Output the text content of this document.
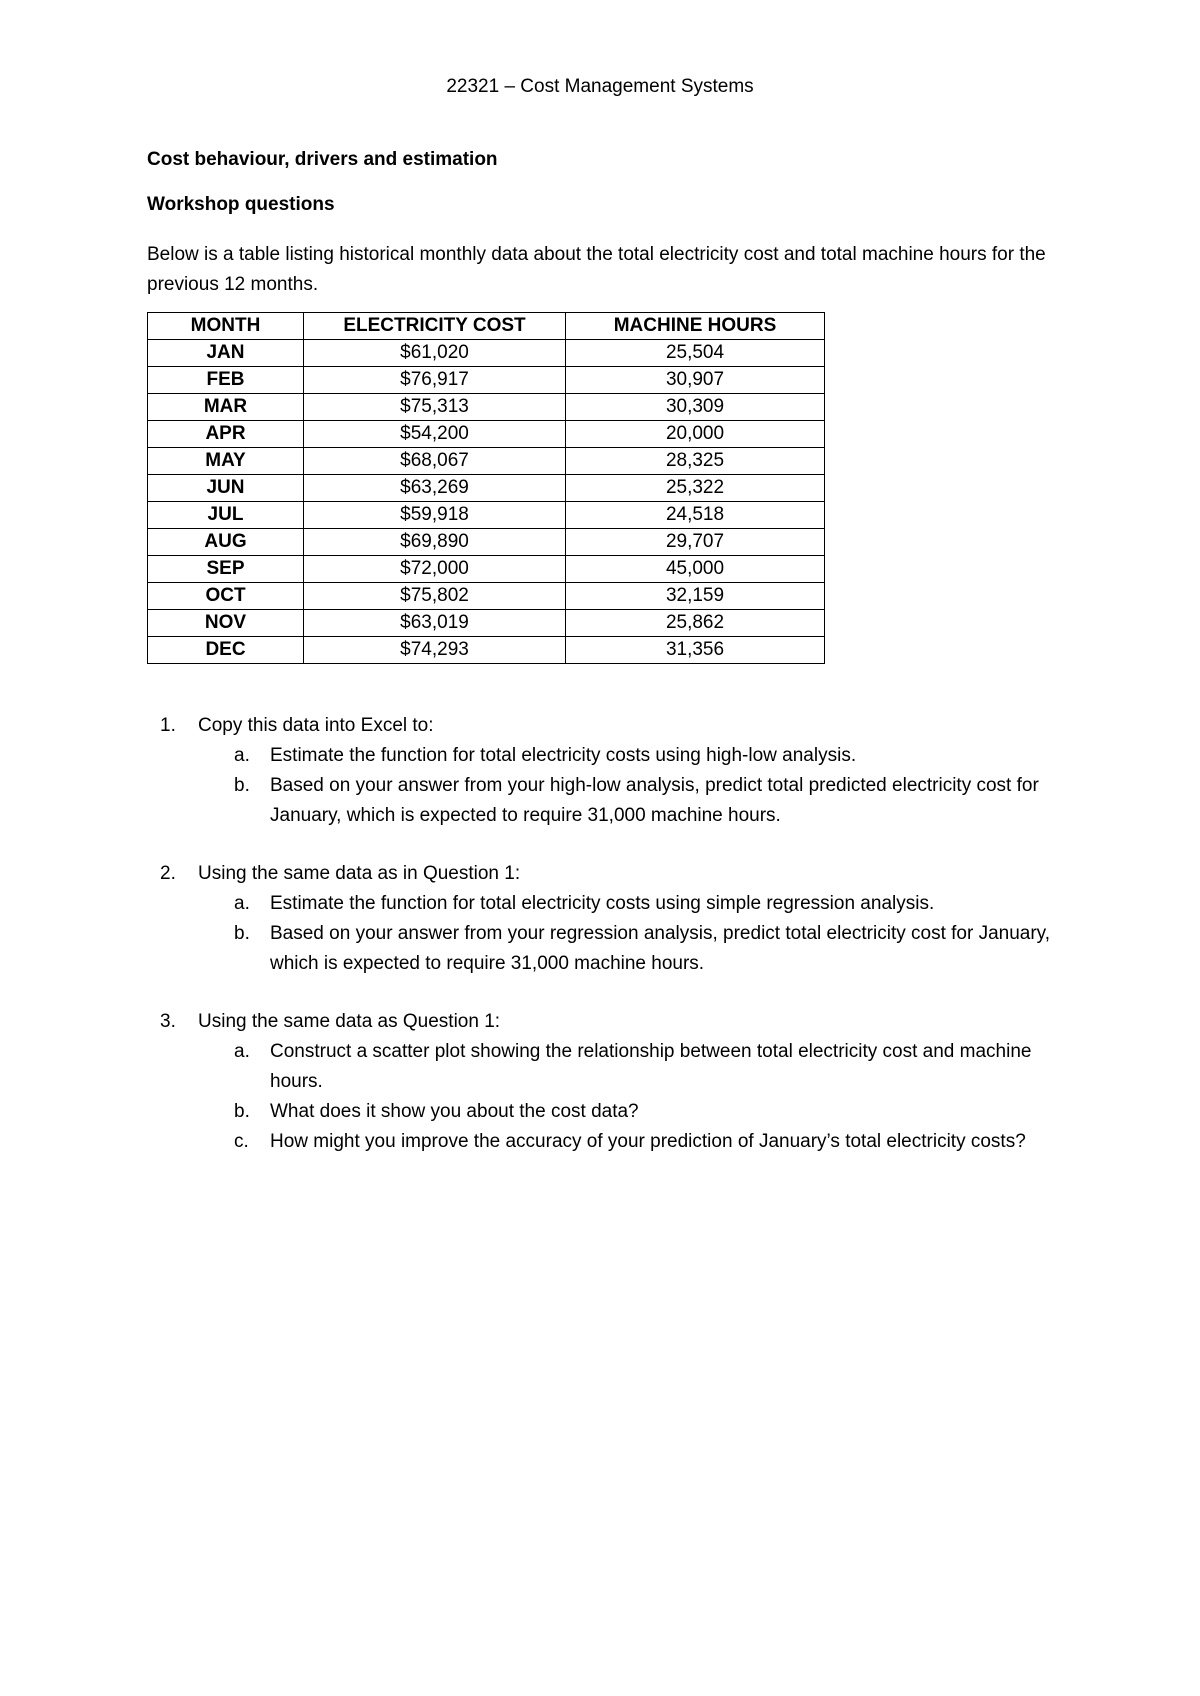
22321 – Cost Management Systems
Cost behaviour, drivers and estimation
Workshop questions
Below is a table listing historical monthly data about the total electricity cost and total machine hours for the previous 12 months.
MONTH	ELECTRICITY COST	MACHINE HOURS
JAN	$61,020	25,504
FEB	$76,917	30,907
MAR	$75,313	30,309
APR	$54,200	20,000
MAY	$68,067	28,325
JUN	$63,269	25,322
JUL	$59,918	24,518
AUG	$69,890	29,707
SEP	$72,000	45,000
OCT	$75,802	32,159
NOV	$63,019	25,862
DEC	$74,293	31,356
1. Copy this data into Excel to:
a. Estimate the function for total electricity costs using high-low analysis.
b. Based on your answer from your high-low analysis, predict total predicted electricity cost for January, which is expected to require 31,000 machine hours.
2. Using the same data as in Question 1:
a. Estimate the function for total electricity costs using simple regression analysis.
b. Based on your answer from your regression analysis, predict total electricity cost for January, which is expected to require 31,000 machine hours.
3. Using the same data as Question 1:
a. Construct a scatter plot showing the relationship between total electricity cost and machine hours.
b. What does it show you about the cost data?
c. How might you improve the accuracy of your prediction of January’s total electricity costs?
